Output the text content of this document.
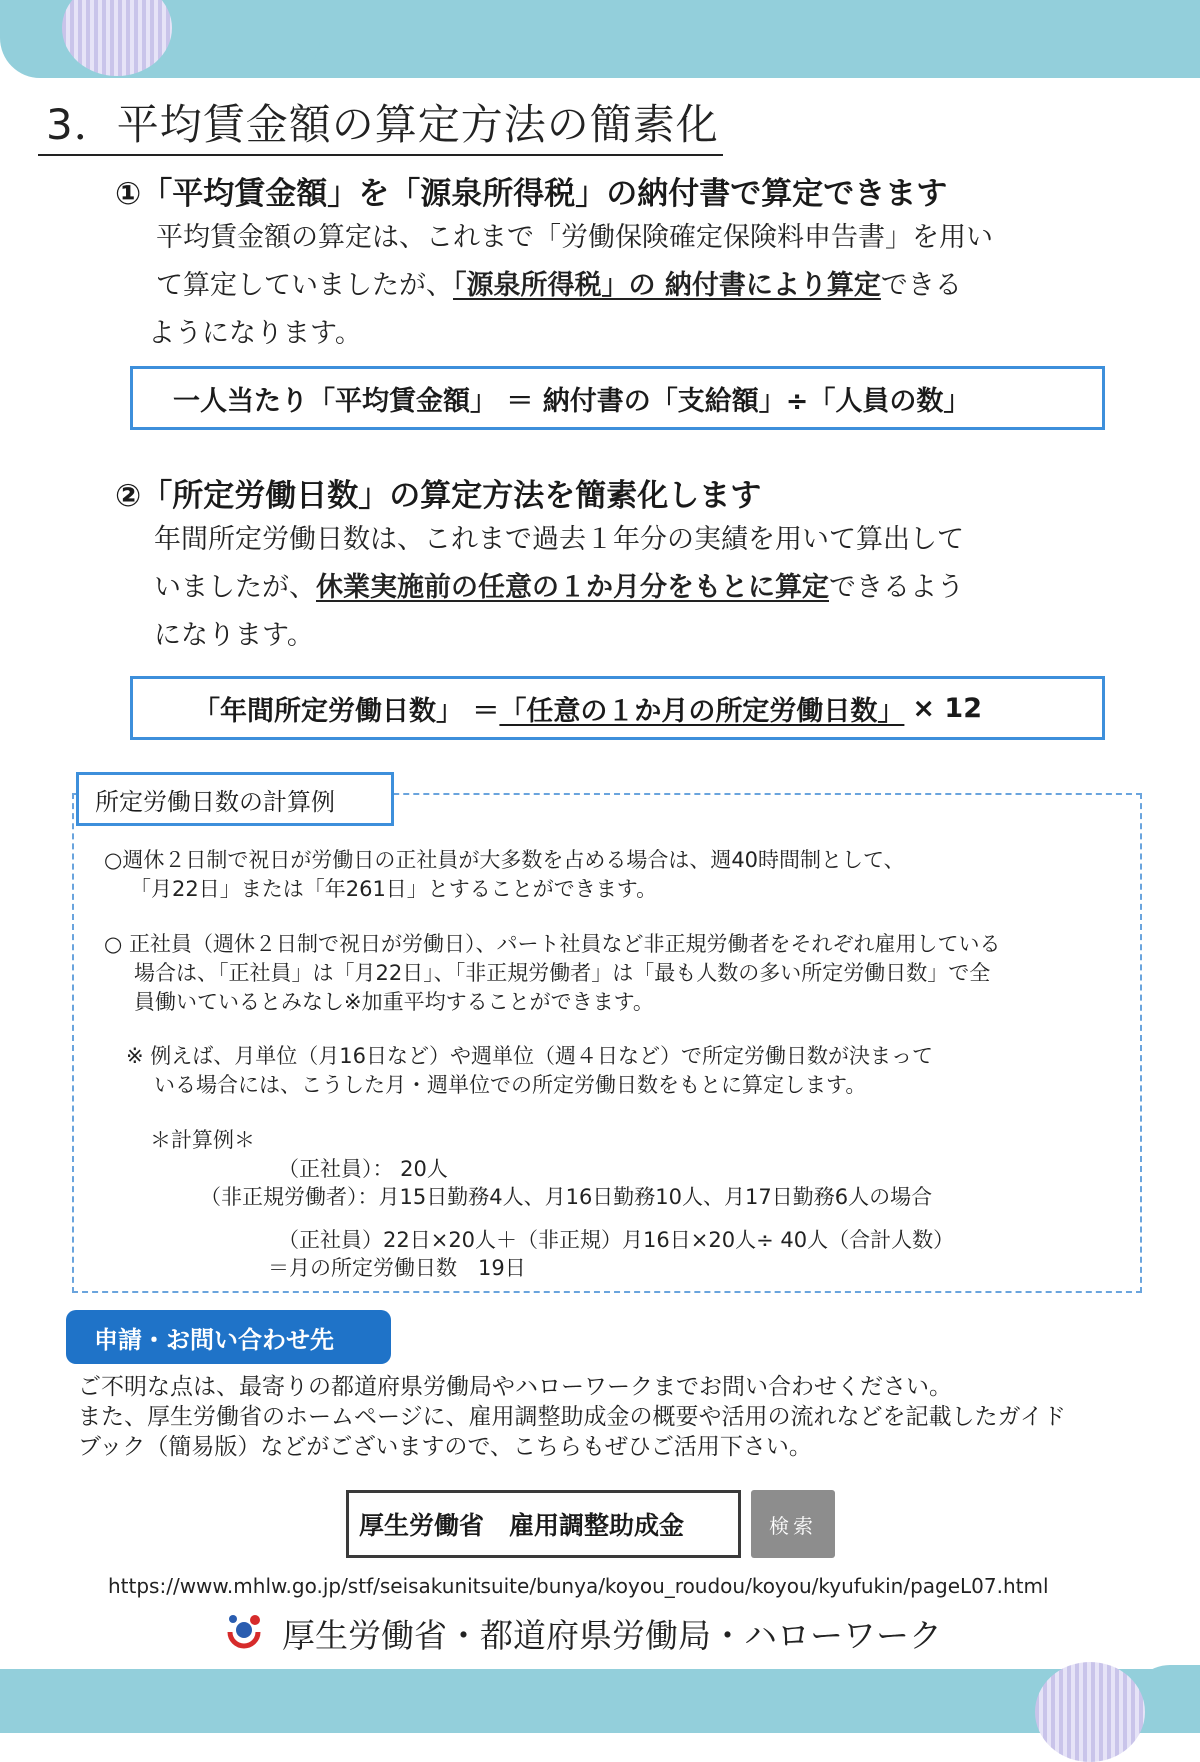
3．平均賃金額の算定方法の簡素化
①「平均賃金額」を「源泉所得税」の納付書で算定できます
平均賃金額の算定は、これまで「労働保険確定保険料申告書」を用い
て算定していましたが、「源泉所得税」の 納付書により算定できる
ようになります。
一人当たり「平均賃金額」 ＝ 納付書の「支給額」÷「人員の数」
②「所定労働日数」の算定方法を簡素化します
年間所定労働日数は、これまで過去１年分の実績を用いて算出して
いましたが、休業実施前の任意の１か月分をもとに算定できるよう
になります。
「年間所定労働日数」 ＝ 「任意の１か月の所定労働日数」 × 12
所定労働日数の計算例
○週休２日制で祝日が労働日の正社員が大多数を占める場合は、週40時間制として、
「月22日」または「年261日」とすることができます。
○ 正社員（週休２日制で祝日が労働日）、パート社員など非正規労働者をそれぞれ雇用している
場合は、「正社員」は「月22日」、「非正規労働者」は「最も人数の多い所定労働日数」で全
員働いているとみなし※加重平均することができます。
※ 例えば、月単位（月16日など）や週単位（週４日など）で所定労働日数が決まって
いる場合には、こうした月・週単位での所定労働日数をもとに算定します。
＊計算例＊
（正社員）： 20人
（非正規労働者）：月15日勤務4人、月16日勤務10人、月17日勤務6人の場合
（正社員）22日×20人＋（非正規）月16日×20人÷ 40人（合計人数）
＝月の所定労働日数　19日
申請・お問い合わせ先
ご不明な点は、最寄りの都道府県労働局やハローワークまでお問い合わせください。
また、厚生労働省のホームページに、雇用調整助成金の概要や活用の流れなどを記載したガイド
ブック（簡易版）などがございますので、こちらもぜひご活用下さい。
厚生労働省　雇用調整助成金	検索
https://www.mhlw.go.jp/stf/seisakunitsuite/bunya/koyou_roudou/koyou/kyufukin/pageL07.html
厚生労働省・都道府県労働局・ハローワーク
